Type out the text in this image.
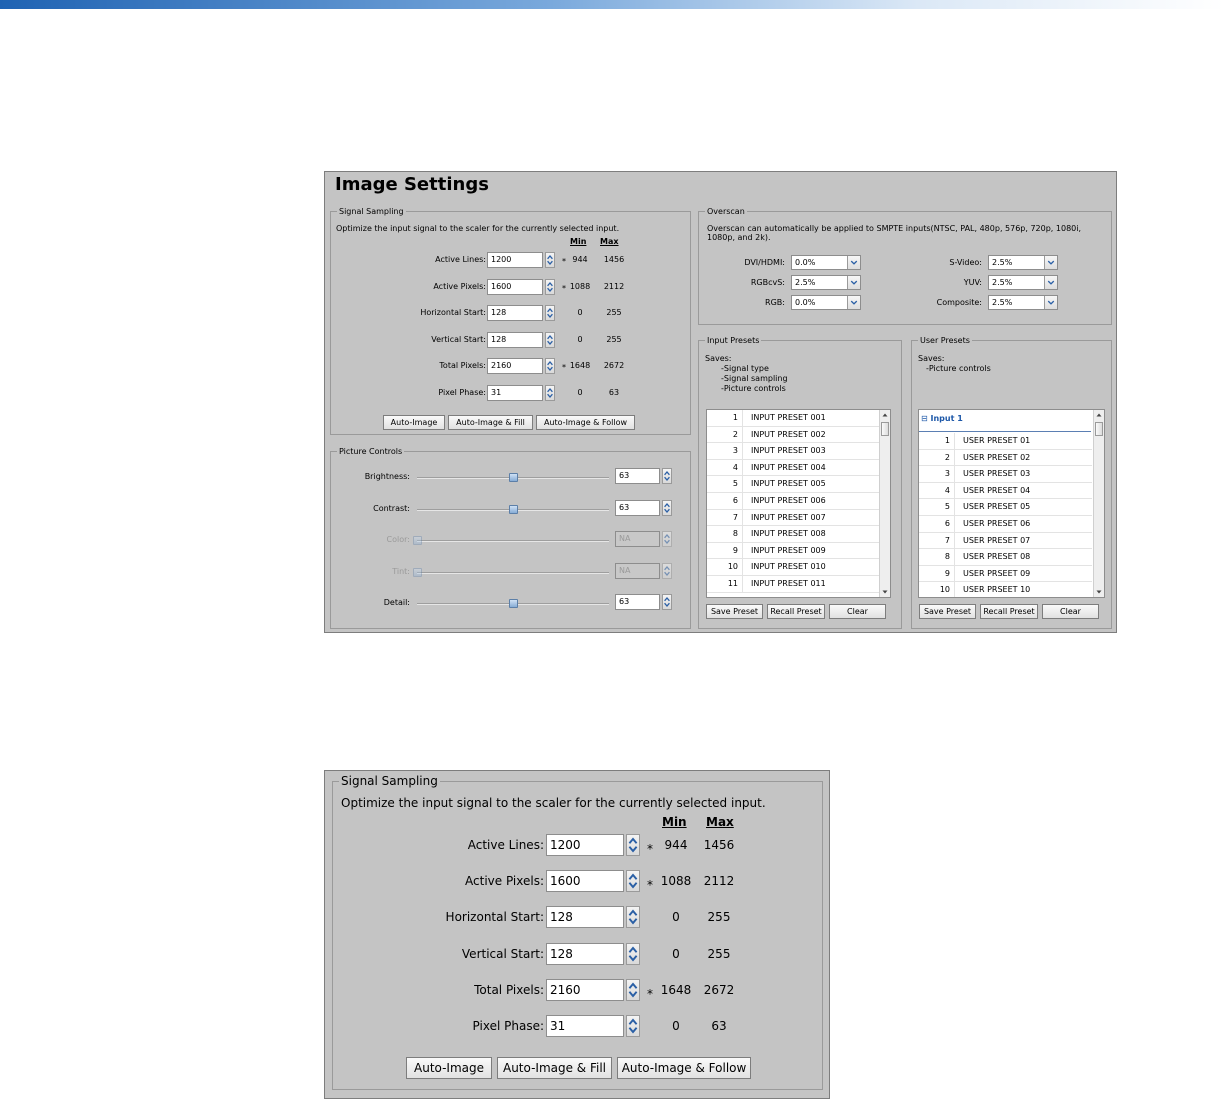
Image Settings
Signal Sampling
Optimize the input signal to the scaler for the currently selected input.
Min Max
Active Lines: 1200	* 944	1456
Active Pixels: 1600	* 1088	2112
Horizontal Start: 128	0	255
Vertical Start: 128	0	255
Total Pixels: 2160	* 1648	2672
Pixel Phase: 31	0	63
Auto-Image	Auto-Image & Fill	Auto-Image & Follow
Picture Controls
Brightness:	63
Contrast:	63
Color:	NA
Tint:	NA
Detail:	63
Overscan
Overscan can automatically be applied to SMPTE inputs(NTSC, PAL, 480p, 576p, 720p, 1080i, 1080p, and 2k).
DVI/HDMI:	0.0%
RGBcvS:	2.5%
RGB:	0.0%
S-Video:	2.5%
YUV:	2.5%
Composite:	2.5%
Input Presets
Saves:
-Signal type
-Signal sampling
-Picture controls
1	INPUT PRESET 001
2	INPUT PRESET 002
3	INPUT PRESET 003
4	INPUT PRESET 004
5	INPUT PRESET 005
6	INPUT PRESET 006
7	INPUT PRESET 007
8	INPUT PRESET 008
9	INPUT PRESET 009
10	INPUT PRESET 010
11	INPUT PRESET 011
Save Preset	Recall Preset	Clear
User Presets
Saves:
-Picture controls
⊟ Input 1
1	USER PRESET 01
2	USER PRESET 02
3	USER PRESET 03
4	USER PRESET 04
5	USER PRESET 05
6	USER PRESET 06
7	USER PRESET 07
8	USER PRESET 08
9	USER PRSEET 09
10	USER PRSEET 10
Save Preset	Recall Preset	Clear
Signal Sampling
Optimize the input signal to the scaler for the currently selected input.
Min Max
Active Lines: 1200	* 944	1456
Active Pixels: 1600	* 1088	2112
Horizontal Start: 128	0	255
Vertical Start: 128	0	255
Total Pixels: 2160	* 1648	2672
Pixel Phase: 31	0	63
Auto-Image	Auto-Image & Fill	Auto-Image & Follow
